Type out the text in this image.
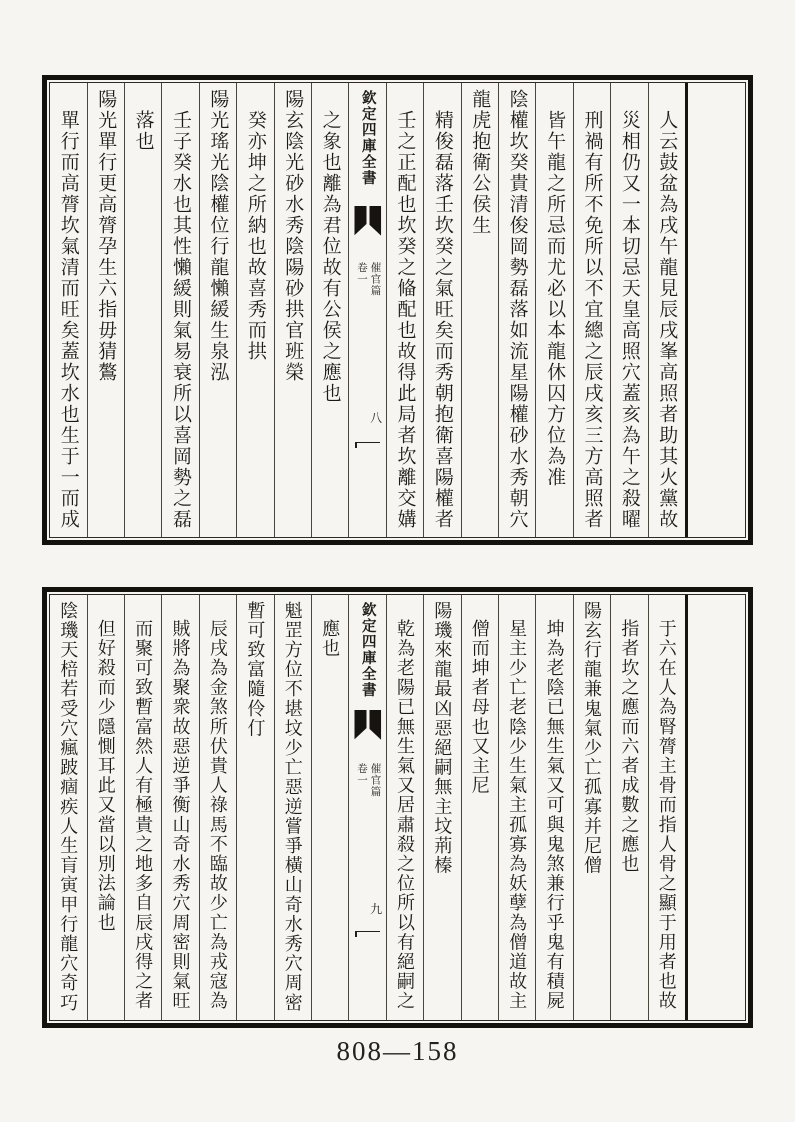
人云鼓盆為戌午龍見辰戌峯高照者助其火黨故
災相仍又一本切忌天皇高照穴蓋亥為午之殺曜
刑禍有所不免所以不宜總之辰戌亥三方高照者
皆午龍之所忌而尤必以本龍休囚方位為准
陰權坎癸貴清俊岡勢磊落如流星陽權砂水秀朝穴
龍虎抱衛公侯生
精俊磊落壬坎癸之氣旺矣而秀朝抱衛喜陽權者
壬之正配也坎癸之偹配也故得此局者坎離交媾
欽定四庫全書
催官篇
卷一
八
之象也離為君位故有公侯之應也
陽玄陰光砂水秀陰陽砂拱官班榮
癸亦坤之所納也故喜秀而拱
陽光瑤光陰權位行龍懶緩生泉泓
壬子癸水也其性懶緩則氣易衰所以喜岡勢之磊
落也
陽光單行更高膂孕生六指毋猜鷔
單行而高膂坎氣清而旺矣蓋坎水也生于一而成
于六在人為腎膂主骨而指人骨之顯于用者也故
指者坎之應而六者成數之應也
陽玄行龍兼鬼氣少亡孤寡并尼僧
坤為老陰已無生氣又可與鬼煞兼行乎鬼有積屍
星主少亡老陰少生氣主孤寡為妖孽為僧道故主
僧而坤者母也又主尼
陽璣來龍最凶惡絕嗣無主坟荊榛
乾為老陽已無生氣又居肅殺之位所以有絕嗣之
欽定四庫全書
催官篇
卷一
九
應也
魁罡方位不堪坟少亡惡逆嘗爭橫山奇水秀穴周密
暫可致富隨伶仃
辰戌為金煞所伏貴人祿馬不臨故少亡為戎寇為
賊將為聚衆故惡逆爭衡山奇水秀穴周密則氣旺
而聚可致暫富然人有極貴之地多自辰戌得之者
但好殺而少隱惻耳此又當以別法論也
陰璣天棓若受穴瘋跛痼疾人生肓寅甲行龍穴奇巧
808—158
